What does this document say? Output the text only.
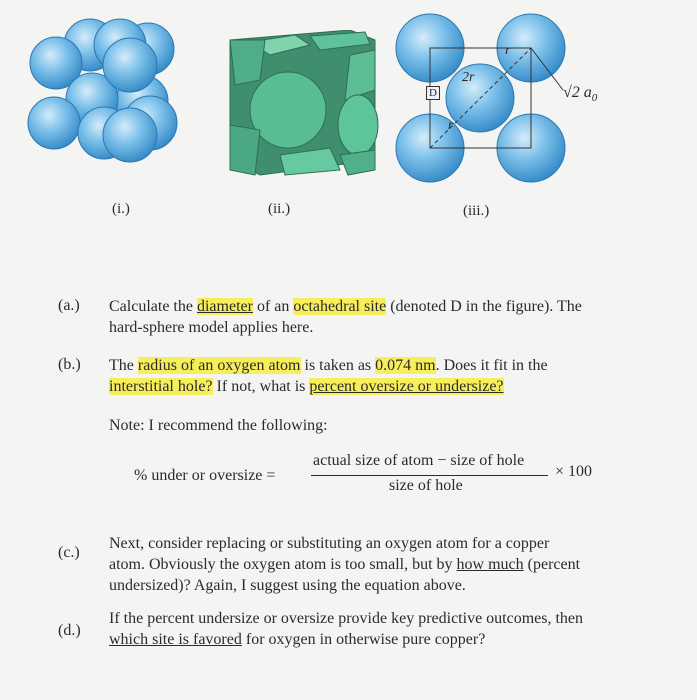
D
2r
r
r
√2 $a_0$
(i.)	(ii.)	(iii.)
(a.) Calculate the diameter of an octahedral site (denoted D in the figure). The
hard-sphere model applies here.
(b.) The radius of an oxygen atom is taken as 0.074 nm. Does it fit in the
interstitial hole? If not, what is percent oversize or undersize?
Note: I recommend the following:
% under or oversize =
actual size of atom − size of hole
size of hole
× 100
(c.)
Next, consider replacing or substituting an oxygen atom for a copper
atom. Obviously the oxygen atom is too small, but by how much (percent
undersized)? Again, I suggest using the equation above.
(d.)
If the percent undersize or oversize provide key predictive outcomes, then
which site is favored for oxygen in otherwise pure copper?
